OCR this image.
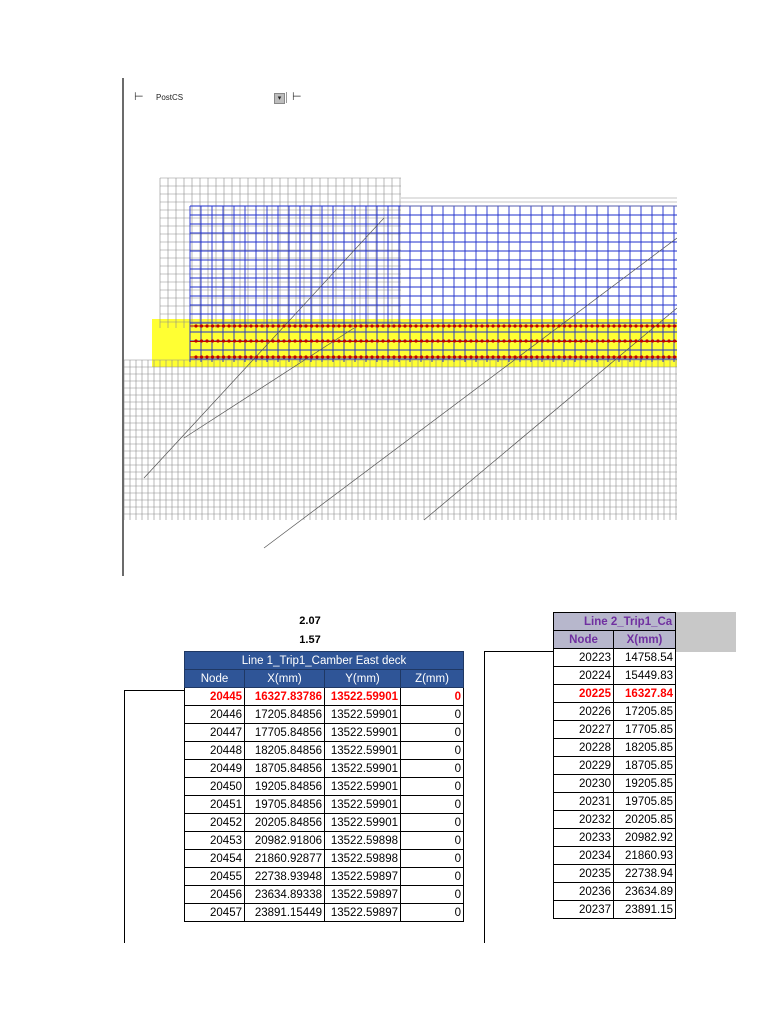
⊢	PostCS	▾ ⊢
2.07
1.57
Line 1_Trip1_Camber East deck			
Node	X(mm)	Y(mm)	Z(mm)
20445	16327.83786	13522.59901	0
20446	17205.84856	13522.59901	0
20447	17705.84856	13522.59901	0
20448	18205.84856	13522.59901	0
20449	18705.84856	13522.59901	0
20450	19205.84856	13522.59901	0
20451	19705.84856	13522.59901	0
20452	20205.84856	13522.59901	0
20453	20982.91806	13522.59898	0
20454	21860.92877	13522.59898	0
20455	22738.93948	13522.59897	0
20456	23634.89338	13522.59897	0
20457	23891.15449	13522.59897	0
Line 2_Trip1_Ca	
Node	X(mm)
20223	14758.54
20224	15449.83
20225	16327.84
20226	17205.85
20227	17705.85
20228	18205.85
20229	18705.85
20230	19205.85
20231	19705.85
20232	20205.85
20233	20982.92
20234	21860.93
20235	22738.94
20236	23634.89
20237	23891.15
